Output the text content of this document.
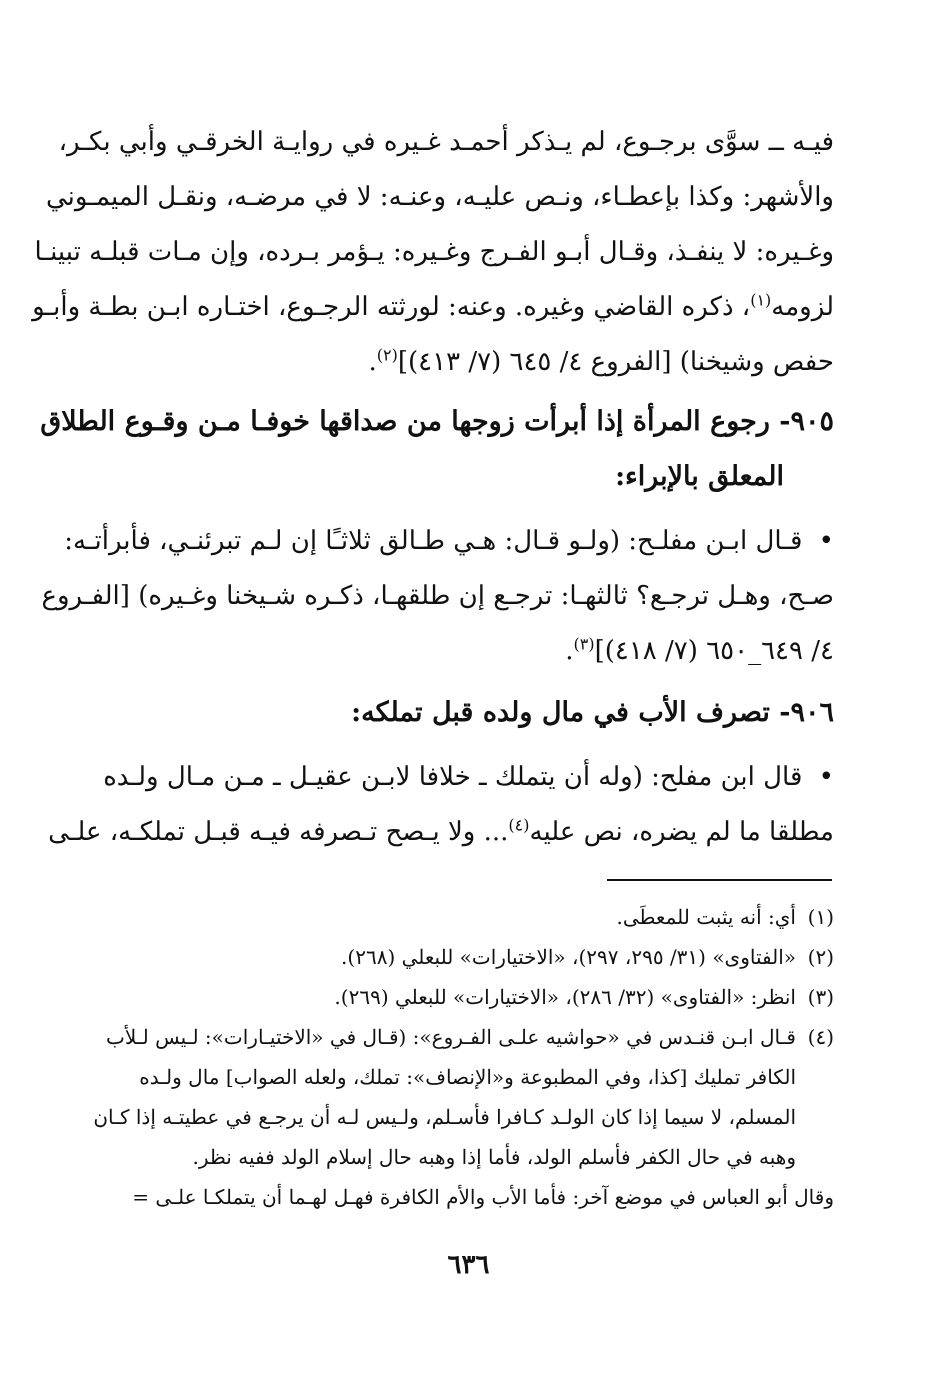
فيـه ــ سوَّى برجـوع، لم يـذكر أحمـد غـيره في روايـة الخرقـي وأبي بكـر،
والأشهر: وكذا بإعطـاء، ونـص عليـه، وعنـه: لا في مرضـه، ونقـل الميمـوني
وغـيره: لا ينفـذ، وقـال أبـو الفـرج وغـيره: يـؤمر بـرده، وإن مـات قبلـه تبينـا
لزومه$^{(١)}$، ذكره القاضي وغيره. وعنه: لورثته الرجـوع، اختـاره ابـن بطـة وأبـو
حفص وشيخنا) [الفروع ٤/ ٦٤٥ (٧/ ٤١٣)]$^{(٢)}$.
٩٠٥- رجوع المرأة إذا أبرأت زوجها من صداقها خوفـا مـن وقـوع الطلاق
المعلق بالإبراء:
• قـال ابـن مفلـح: (ولـو قـال: هـي طـالق ثلاثـًا إن لـم تبرئنـي، فأبرأتـه:
صـح، وهـل ترجـع؟ ثالثهـا: ترجـع إن طلقهـا، ذكـره شـيخنا وغـيره) [الفـروع
٤/ ٦٤٩_٦٥٠ (٧/ ٤١٨)]$^{(٣)}$.
٩٠٦- تصرف الأب في مال ولده قبل تملكه:
• قال ابن مفلح: (وله أن يتملك ـ خلافا لابـن عقيـل ـ مـن مـال ولـده
مطلقا ما لم يضره، نص عليه$^{(٤)}$... ولا يـصح تـصرفه فيـه قبـل تملكـه، علـى
(١)أي: أنه يثبت للمعطَى.
(٢)«الفتاوى» (٣١/ ٢٩٥، ٢٩٧)، «الاختيارات» للبعلي (٢٦٨).
(٣)انظر: «الفتاوى» (٣٢/ ٢٨٦)، «الاختيارات» للبعلي (٢٦٩).
(٤)قـال ابـن قنـدس في «حواشيه علـى الفـروع»: (قـال في «الاختيـارات»: لـيس لـلأب
الكافر تمليك [كذا، وفي المطبوعة و«الإنصاف»: تملك، ولعله الصواب] مال ولـده
المسلم، لا سيما إذا كان الولـد كـافرا فأسـلم، ولـيس لـه أن يرجـع في عطيتـه إذا كـان
وهبه في حال الكفر فأسلم الولد، فأما إذا وهبه حال إسلام الولد ففيه نظر.
وقال أبو العباس في موضع آخر: فأما الأب والأم الكافرة فهـل لهـما أن يتملكـا علـى =
٦٣٦
